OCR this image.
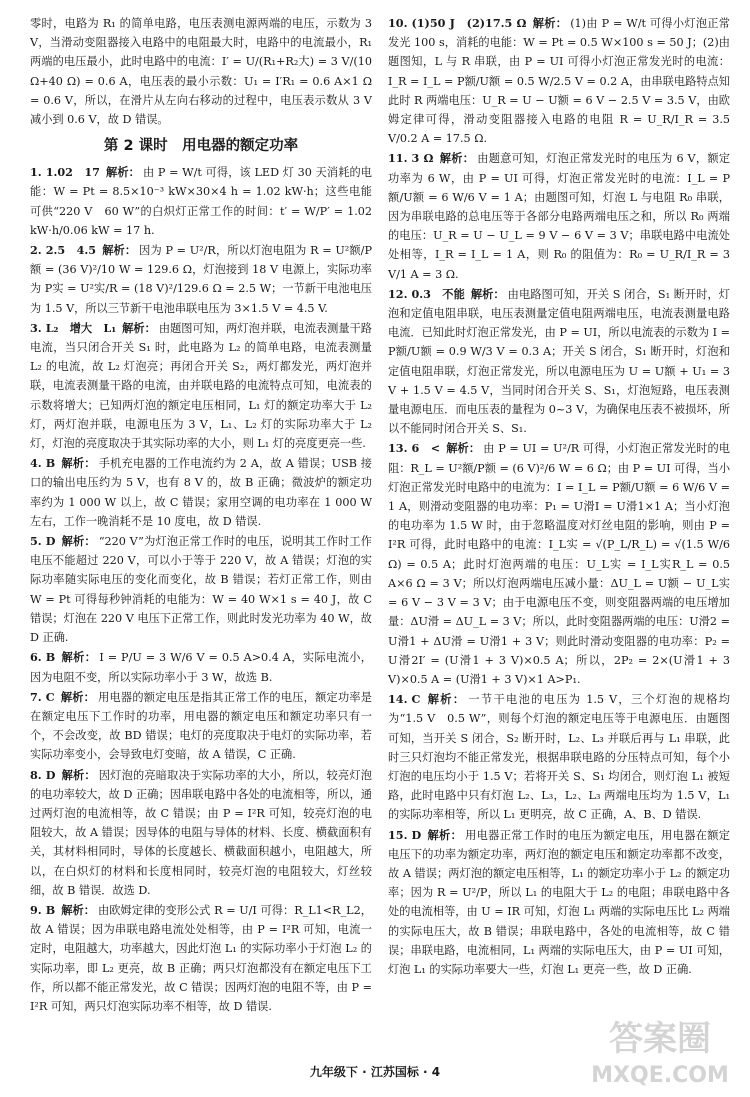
零时，电路为 R₁ 的简单电路，电压表测电源两端的电压，示数为 3 V，当滑动变阻器接入电路中的电阻最大时，电路中的电流最小，R₁ 两端的电压最小，此时电路中的电流：I′ = U/(R₁+R₂大) = 3 V/(10 Ω+40 Ω) = 0.6 A，电压表的最小示数：U₁ = I′R₁ = 0.6 A×1 Ω = 0.6 V，所以，在滑片从左向右移动的过程中，电压表示数从 3 V 减小到 0.6 V，故 D 错误。
第 2 课时　用电器的额定功率
1. 1.02　17 解析： 由 P = W/t 可得，该 LED 灯 30 天消耗的电能：W = Pt = 8.5×10⁻³ kW×30×4 h = 1.02 kW·h；这些电能可供“220 V　60 W”的白炽灯正常工作的时间：t′ = W/P′ = 1.02 kW·h/0.06 kW = 17 h.
2. 2.5　4.5 解析： 因为 P = U²/R，所以灯泡电阻为 R = U²额/P额 = (36 V)²/10 W = 129.6 Ω，灯泡接到 18 V 电源上，实际功率为 P实 = U²实/R = (18 V)²/129.6 Ω = 2.5 W；一节新干电池电压为 1.5 V，所以三节新干电池串联电压为 3×1.5 V = 4.5 V.
3. L₂　增大　L₁ 解析： 由题图可知，两灯泡并联，电流表测量干路电流，当只闭合开关 S₁ 时，此电路为 L₂ 的简单电路，电流表测量 L₂ 的电流，故 L₂ 灯泡亮；再闭合开关 S₂，两灯都发光，两灯泡并联，电流表测量干路的电流，由并联电路的电流特点可知，电流表的示数将增大；已知两灯泡的额定电压相同，L₁ 灯的额定功率大于 L₂ 灯，两灯泡并联，电源电压为 3 V，L₁、L₂ 灯的实际功率大于 L₂ 灯，灯泡的亮度取决于其实际功率的大小，则 L₁ 灯的亮度更亮一些.
4. B 解析： 手机充电器的工作电流约为 2 A，故 A 错误；USB 接口的输出电压约为 5 V，也有 8 V 的，故 B 正确；微波炉的额定功率约为 1 000 W 以上，故 C 错误；家用空调的电功率在 1 000 W 左右，工作一晚消耗不是 10 度电，故 D 错误.
5. D 解析： “220 V”为灯泡正常工作时的电压，说明其工作时工作电压不能超过 220 V，可以小于等于 220 V，故 A 错误；灯泡的实际功率随实际电压的变化而变化，故 B 错误；若灯正常工作，则由 W = Pt 可得每秒钟消耗的电能为：W = 40 W×1 s = 40 J，故 C 错误；灯泡在 220 V 电压下正常工作，则此时发光功率为 40 W，故 D 正确.
6. B 解析： I = P/U = 3 W/6 V = 0.5 A>0.4 A，实际电流小，因为电阻不变，所以实际功率小于 3 W，故选 B.
7. C 解析： 用电器的额定电压是指其正常工作的电压，额定功率是在额定电压下工作时的功率，用电器的额定电压和额定功率只有一个，不会改变，故 BD 错误；电灯的亮度取决于电灯的实际功率，若实际功率变小，会导致电灯变暗，故 A 错误，C 正确.
8. D 解析： 因灯泡的亮暗取决于实际功率的大小，所以，较亮灯泡的电功率较大，故 D 正确；因串联电路中各处的电流相等，所以，通过两灯泡的电流相等，故 C 错误；由 P = I²R 可知，较亮灯泡的电阻较大，故 A 错误；因导体的电阻与导体的材料、长度、横截面积有关，其材料相同时，导体的长度越长、横截面积越小，电阻越大，所以，在白炽灯的材料和长度相同时，较亮灯泡的电阻较大，灯丝较细，故 B 错误．故选 D.
9. B 解析： 由欧姆定律的变形公式 R = U/I 可得：R_L1<R_L2，故 A 错误；因为串联电路电流处处相等，由 P = I²R 可知，电流一定时，电阻越大，功率越大，因此灯泡 L₁ 的实际功率小于灯泡 L₂ 的实际功率，即 L₂ 更亮，故 B 正确；两只灯泡都没有在额定电压下工作，所以都不能正常发光，故 C 错误；因两灯泡的电阻不等，由 P = I²R 可知，两只灯泡实际功率不相等，故 D 错误.
10. (1)50 J　(2)17.5 Ω 解析： (1)由 P = W/t 可得小灯泡正常发光 100 s，消耗的电能：W = Pt = 0.5 W×100 s = 50 J；(2)由题图知，L 与 R 串联，由 P = UI 可得小灯泡正常发光时的电流：I_R = I_L = P额/U额 = 0.5 W/2.5 V = 0.2 A，由串联电路特点知此时 R 两端电压：U_R = U − U额 = 6 V − 2.5 V = 3.5 V，由欧姆定律可得，滑动变阻器接入电路的电阻 R = U_R/I_R = 3.5 V/0.2 A = 17.5 Ω.
11. 3 Ω 解析： 由题意可知，灯泡正常发光时的电压为 6 V，额定功率为 6 W，由 P = UI 可得，灯泡正常发光时的电流：I_L = P额/U额 = 6 W/6 V = 1 A；由题图可知，灯泡 L 与电阻 R₀ 串联，因为串联电路的总电压等于各部分电路两端电压之和，所以 R₀ 两端的电压：U_R = U − U_L = 9 V − 6 V = 3 V；串联电路中电流处处相等，I_R = I_L = 1 A，则 R₀ 的阻值为：R₀ = U_R/I_R = 3 V/1 A = 3 Ω.
12. 0.3　不能 解析： 由电路图可知，开关 S 闭合，S₁ 断开时，灯泡和定值电阻串联，电压表测量定值电阻两端电压，电流表测量电路电流．已知此时灯泡正常发光，由 P = UI，所以电流表的示数为 I = P额/U额 = 0.9 W/3 V = 0.3 A；开关 S 闭合，S₁ 断开时，灯泡和定值电阻串联，灯泡正常发光，所以电源电压为 U = U额 + U₁ = 3 V + 1.5 V = 4.5 V，当同时闭合开关 S、S₁，灯泡短路，电压表测量电源电压．而电压表的量程为 0~3 V，为确保电压表不被损坏，所以不能同时闭合开关 S、S₁.
13. 6　< 解析： 由 P = UI = U²/R 可得，小灯泡正常发光时的电阻：R_L = U²额/P额 = (6 V)²/6 W = 6 Ω；由 P = UI 可得，当小灯泡正常发光时电路中的电流为：I = I_L = P额/U额 = 6 W/6 V = 1 A，则滑动变阻器的电功率：P₁ = U滑I = U滑1×1 A；当小灯泡的电功率为 1.5 W 时，由于忽略温度对灯丝电阻的影响，则由 P = I²R 可得，此时电路中的电流：I_L实 = √(P_L/R_L) = √(1.5 W/6 Ω) = 0.5 A；此时灯泡两端的电压：U_L实 = I_L实R_L = 0.5 A×6 Ω = 3 V；所以灯泡两端电压减小量：ΔU_L = U额 − U_L实 = 6 V − 3 V = 3 V；由于电源电压不变，则变阻器两端的电压增加量：ΔU滑 = ΔU_L = 3 V；所以，此时变阻器两端的电压：U滑2 = U滑1 + ΔU滑 = U滑1 + 3 V；则此时滑动变阻器的电功率：P₂ = U滑2I′ = (U滑1 + 3 V)×0.5 A；所以，2P₂ = 2×(U滑1 + 3 V)×0.5 A = (U滑1 + 3 V)×1 A>P₁.
14. C 解析： 一节干电池的电压为 1.5 V，三个灯泡的规格均为“1.5 V　0.5 W”，则每个灯泡的额定电压等于电源电压．由题图可知，当开关 S 闭合，S₂ 断开时，L₂、L₃ 并联后再与 L₁ 串联，此时三只灯泡均不能正常发光，根据串联电路的分压特点可知，每个小灯泡的电压均小于 1.5 V；若将开关 S、S₁ 均闭合，则灯泡 L₁ 被短路，此时电路中只有灯泡 L₂、L₃，L₂、L₃ 两端电压均为 1.5 V，L₁ 的实际功率相等，所以 L₁ 更明亮，故 C 正确，A、B、D 错误.
15. D 解析： 用电器正常工作时的电压为额定电压，用电器在额定电压下的功率为额定功率，两灯泡的额定电压和额定功率都不改变，故 A 错误；两灯泡的额定电压相等，L₁ 的额定功率小于 L₂ 的额定功率；因为 R = U²/P，所以 L₁ 的电阻大于 L₂ 的电阻；串联电路中各处的电流相等，由 U = IR 可知，灯泡 L₁ 两端的实际电压比 L₂ 两端的实际电压大，故 B 错误；串联电路中，各处的电流相等，故 C 错误；串联电路，电流相同，L₁ 两端的实际电压大，由 P = UI 可知，灯泡 L₁ 的实际功率要大一些，灯泡 L₁ 更亮一些，故 D 正确.
九年级下 · 江苏国标 · 4
答案圈
MXQE.COM
